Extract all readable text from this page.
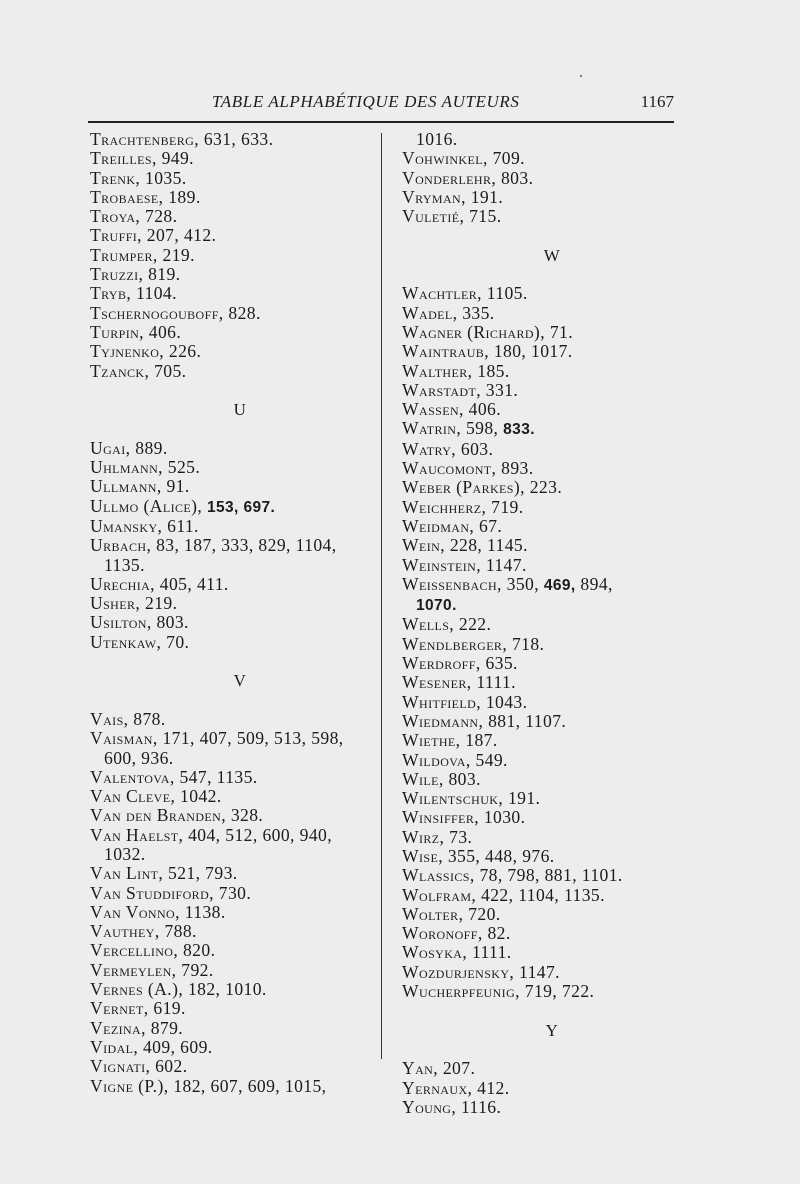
TABLE ALPHABÉTIQUE DES AUTEURS	1167
Trachtenberg, 631, 633.
Treilles, 949.
Trenk, 1035.
Trobaese, 189.
Troya, 728.
Truffi, 207, 412.
Trumper, 219.
Truzzi, 819.
Tryb, 1104.
Tschernogouboff, 828.
Turpin, 406.
Tyjnenko, 226.
Tzanck, 705.
U
Ugai, 889.
Uhlmann, 525.
Ullmann, 91.
Ullmo (Alice), 153, 697.
Umansky, 611.
Urbach, 83, 187, 333, 829, 1104,
1135.
Urechia, 405, 411.
Usher, 219.
Usilton, 803.
Utenkaw, 70.
V
Vais, 878.
Vaisman, 171, 407, 509, 513, 598,
600, 936.
Valentova, 547, 1135.
Van Cleve, 1042.
Van den Branden, 328.
Van Haelst, 404, 512, 600, 940,
1032.
Van Lint, 521, 793.
Van Studdiford, 730.
Van Vonno, 1138.
Vauthey, 788.
Vercellino, 820.
Vermeylen, 792.
Vernes (A.), 182, 1010.
Vernet, 619.
Vezina, 879.
Vidal, 409, 609.
Vignati, 602.
Vigne (P.), 182, 607, 609, 1015,
1016.
Vohwinkel, 709.
Vonderlehr, 803.
Vryman, 191.
Vuletié, 715.
W
Wachtler, 1105.
Wadel, 335.
Wagner (Richard), 71.
Waintraub, 180, 1017.
Walther, 185.
Warstadt, 331.
Wassen, 406.
Watrin, 598, 833.
Watry, 603.
Waucomont, 893.
Weber (Parkes), 223.
Weichherz, 719.
Weidman, 67.
Wein, 228, 1145.
Weinstein, 1147.
Weissenbach, 350, 469, 894,
1070.
Wells, 222.
Wendlberger, 718.
Werdroff, 635.
Wesener, 1111.
Whitfield, 1043.
Wiedmann, 881, 1107.
Wiethe, 187.
Wildova, 549.
Wile, 803.
Wilentschuk, 191.
Winsiffer, 1030.
Wirz, 73.
Wise, 355, 448, 976.
Wlassics, 78, 798, 881, 1101.
Wolfram, 422, 1104, 1135.
Wolter, 720.
Woronoff, 82.
Wosyka, 1111.
Wozdurjensky, 1147.
Wucherpfeunig, 719, 722.
Y
Yan, 207.
Yernaux, 412.
Young, 1116.
